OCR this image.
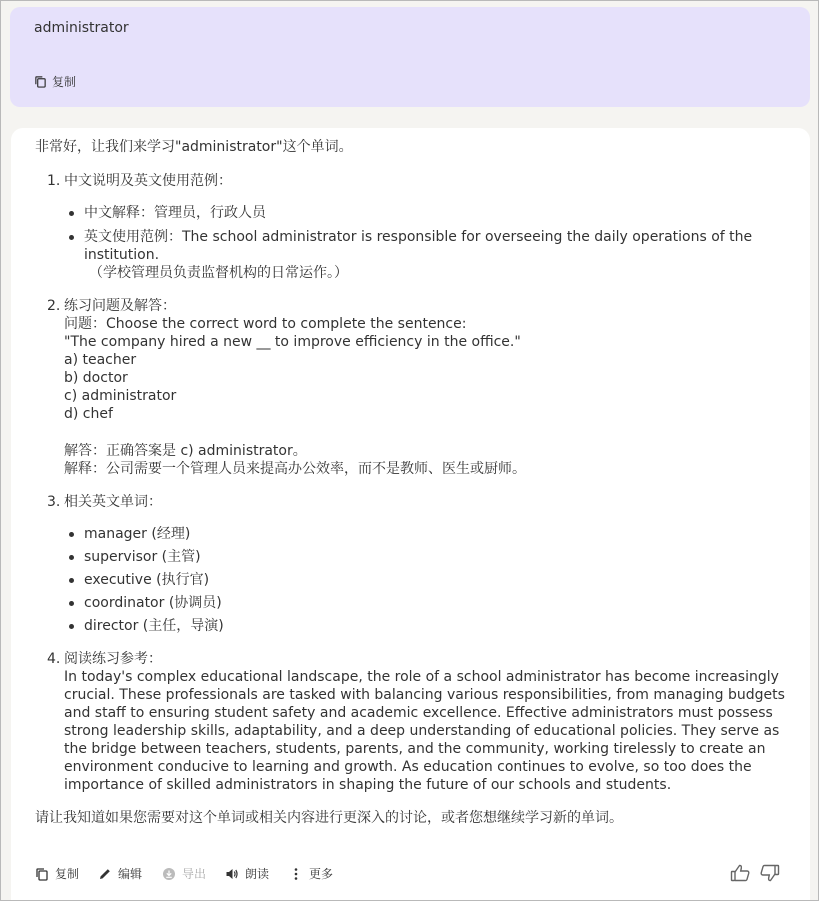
administrator
复制

非常好，让我们来学习"administrator"这个单词。

1. 中文说明及英文使用范例：
中文解释：管理员，行政人员
英文使用范例：The school administrator is responsible for overseeing the daily operations of the institution.
（学校管理员负责监督机构的日常运作。）
2. 练习问题及解答：
问题：Choose the correct word to complete the sentence:
"The company hired a new __ to improve efficiency in the office."
a) teacher
b) doctor
c) administrator
d) chef
解答：正确答案是 c) administrator。
解释：公司需要一个管理人员来提高办公效率，而不是教师、医生或厨师。
3. 相关英文单词：
manager (经理)
supervisor (主管)
executive (执行官)
coordinator (协调员)
director (主任，导演)
4. 阅读练习参考：
In today's complex educational landscape, the role of a school administrator has become increasingly crucial. These professionals are tasked with balancing various responsibilities, from managing budgets and staff to ensuring student safety and academic excellence. Effective administrators must possess strong leadership skills, adaptability, and a deep understanding of educational policies. They serve as the bridge between teachers, students, parents, and the community, working tirelessly to create an environment conducive to learning and growth. As education continues to evolve, so too does the importance of skilled administrators in shaping the future of our schools and students.

请让我知道如果您需要对这个单词或相关内容进行更深入的讨论，或者您想继续学习新的单词。

复制	编辑	导出	朗读	更多
